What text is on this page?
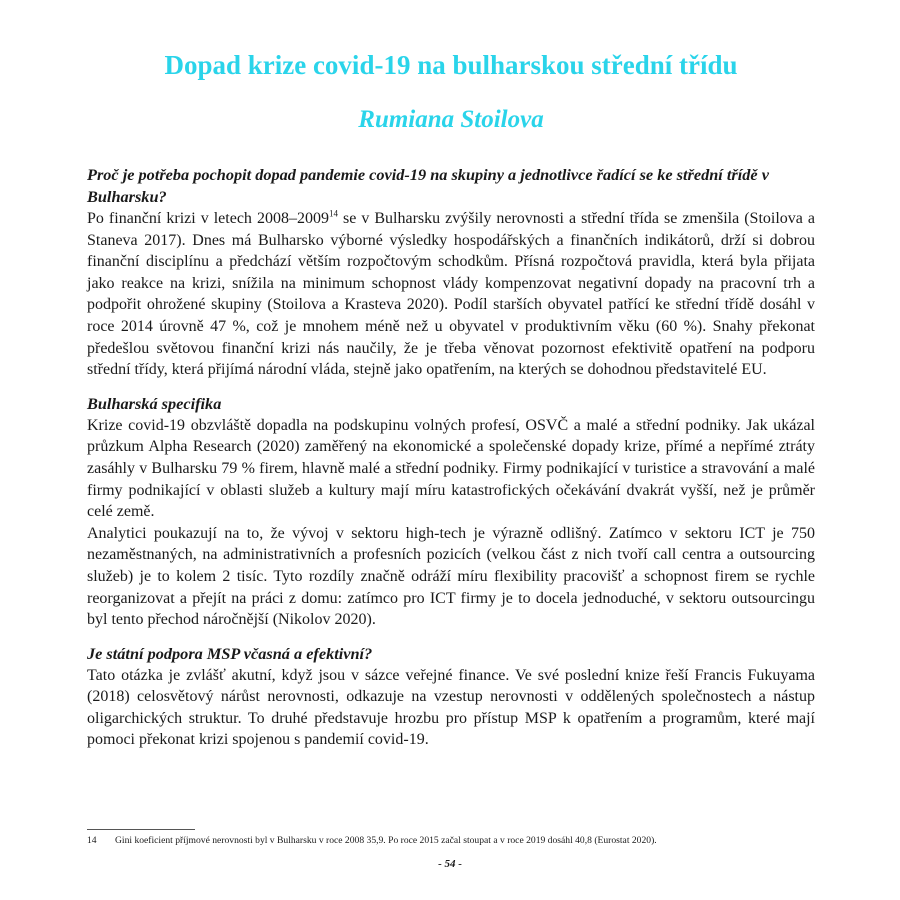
Dopad krize covid-19 na bulharskou střední třídu
Rumiana Stoilova
Proč je potřeba pochopit dopad pandemie covid-19 na skupiny a jednotlivce řadící se ke střední třídě v Bulharsku?

Po finanční krizi v letech 2008–2009$^{14}$ se v Bulharsku zvýšily nerovnosti a střední třída se zmenšila (Stoilova a Staneva 2017). Dnes má Bulharsko výborné výsledky hospodářských a finančních indikátorů, drží si dobrou finanční disciplínu a předchází větším rozpočtovým schodkům. Přísná rozpočtová pravidla, která byla přijata jako reakce na krizi, snížila na minimum schopnost vlády kompenzovat negativní dopady na pracovní trh a podpořit ohrožené skupiny (Stoilova a Krasteva 2020). Podíl starších obyvatel patřící ke střední třídě dosáhl v roce 2014 úrovně 47 %, což je mnohem méně než u obyvatel v produktivním věku (60 %). Snahy překonat předešlou světovou finanční krizi nás naučily, že je třeba věnovat pozornost efektivitě opatření na podporu střední třídy, která přijímá národní vláda, stejně jako opatřením, na kterých se dohodnou představitelé EU.

Bulharská specifika

Krize covid-19 obzvláště dopadla na podskupinu volných profesí, OSVČ a malé a střední podniky. Jak ukázal průzkum Alpha Research (2020) zaměřený na ekonomické a společenské dopady krize, přímé a nepřímé ztráty zasáhly v Bulharsku 79 % firem, hlavně malé a střední podniky. Firmy podnikající v turistice a stravování a malé firmy podnikající v oblasti služeb a kultury mají míru katastrofických očekávání dvakrát vyšší, než je průměr celé země.

Analytici poukazují na to, že vývoj v sektoru high-tech je výrazně odlišný. Zatímco v sektoru ICT je 750 nezaměstnaných, na administrativních a profesních pozicích (velkou část z nich tvoří call centra a outsourcing služeb) je to kolem 2 tisíc. Tyto rozdíly značně odráží míru flexibility pracovišť a schopnost firem se rychle reorganizovat a přejít na práci z domu: zatímco pro ICT firmy je to docela jednoduché, v sektoru outsourcingu byl tento přechod náročnější (Nikolov 2020).

Je státní podpora MSP včasná a efektivní?

Tato otázka je zvlášť akutní, když jsou v sázce veřejné finance. Ve své poslední knize řeší Francis Fukuyama (2018) celosvětový nárůst nerovnosti, odkazuje na vzestup nerovnosti v oddělených společnostech a nástup oligarchických struktur. To druhé představuje hrozbu pro přístup MSP k opatřením a programům, které mají pomoci překonat krizi spojenou s pandemií covid-19.

14 Gini koeficient příjmové nerovnosti byl v Bulharsku v roce 2008 35,9. Po roce 2015 začal stoupat a v roce 2019 dosáhl 40,8 (Eurostat 2020).
- 54 -
